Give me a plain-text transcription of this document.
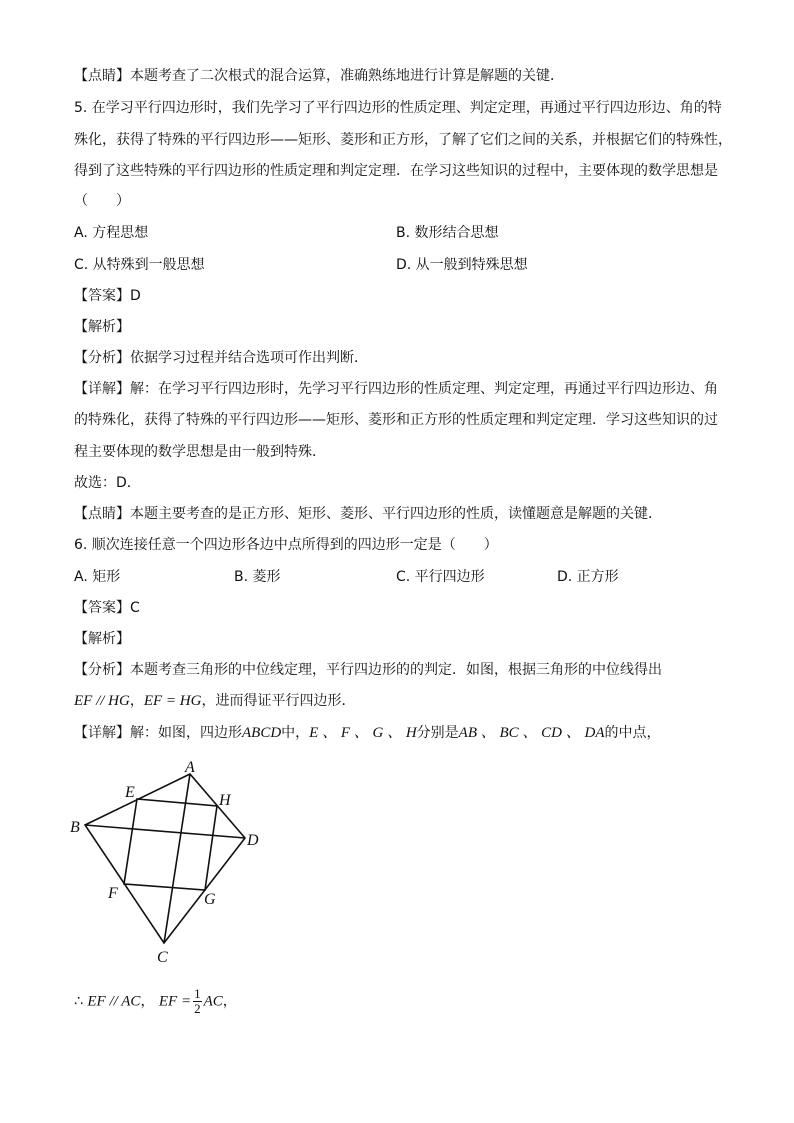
【点睛】本题考查了二次根式的混合运算，准确熟练地进行计算是解题的关键．
5. 在学习平行四边形时，我们先学习了平行四边形的性质定理、判定定理，再通过平行四边形边、角的特
殊化，获得了特殊的平行四边形——矩形、菱形和正方形，了解了它们之间的关系，并根据它们的特殊性，
得到了这些特殊的平行四边形的性质定理和判定定理．在学习这些知识的过程中，主要体现的数学思想是
（　　）
A. 方程思想	B. 数形结合思想
C. 从特殊到一般思想	D. 从一般到特殊思想
【答案】D
【解析】
【分析】依据学习过程并结合选项可作出判断．
【详解】解：在学习平行四边形时，先学习平行四边形的性质定理、判定定理，再通过平行四边形边、角
的特殊化，获得了特殊的平行四边形——矩形、菱形和正方形的性质定理和判定定理．学习这些知识的过
程主要体现的数学思想是由一般到特殊．
故选：D．
【点睛】本题主要考查的是正方形、矩形、菱形、平行四边形的性质，读懂题意是解题的关键．
6. 顺次连接任意一个四边形各边中点所得到的四边形一定是（　　）
A. 矩形	B. 菱形	C. 平行四边形	D. 正方形
【答案】C
【解析】
【分析】本题考查三角形的中位线定理，平行四边形的的判定．如图，根据三角形的中位线得出
EF // HG，EF = HG，进而得证平行四边形．
【详解】解：如图，四边形ABCD中，E 、 F 、 G 、 H分别是AB 、 BC 、 CD 、 DA的中点，
A
B
C
D
E
F	G
H
∴ EF // AC， EF = $\frac{1}{2}$ AC，
